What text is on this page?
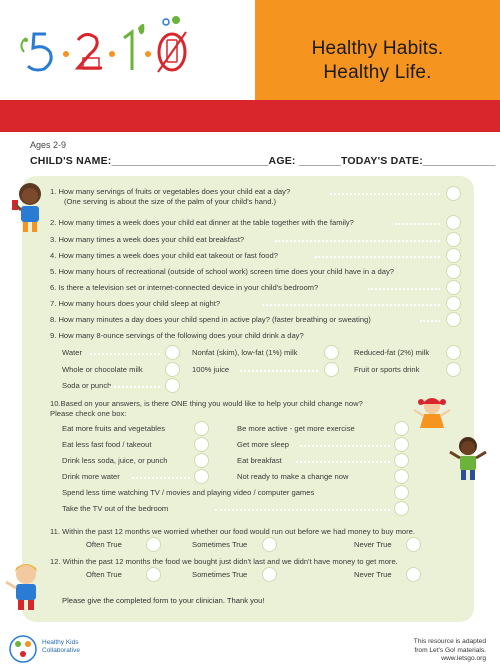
Healthy Habits.
Healthy Life.
Ages 2-9
CHILD'S NAME:__________________________AGE: _______TODAY'S DATE:____________
1. How many servings of fruits or vegetables does your child eat a day?
(One serving is about the size of the palm of your child's hand.)
2. How many times a week does your child eat dinner at the table together with the family?
3. How many times a week does your child eat breakfast?
4. How many times a week does your child eat takeout or fast food?
5. How many hours of recreational (outside of school work) screen time does your child have in a day?
6. Is there a television set or internet-connected device in your child's bedroom?
7. How many hours does your child sleep at night?
8. How many minutes a day does your child spend in active play? (faster breathing or sweating)
9. How many 8-ounce servings of the following does your child drink a day?
Water	Nonfat (skim), low-fat (1%) milk	Reduced-fat (2%) milk
Whole or chocolate milk	100% juice	Fruit or sports drink
Soda or punch
10.Based on your answers, is there ONE thing you would like to help your child change now?
Please check one box:
Eat more fruits and vegetables	Be more active - get more exercise
Eat less fast food / takeout	Get more sleep
Drink less soda, juice, or punch	Eat breakfast
Drink more water	Not ready to make a change now
Spend less time watching TV / movies and playing video / computer games
Take the TV out of the bedroom
11. Within the past 12 months we worried whether our food would run out before we had money to buy more.
Often True	Sometimes True	Never True
12. Within the past 12 months the food we bought just didn't last and we didn't have money to get more.
Often True	Sometimes True	Never True
Please give the completed form to your clinician. Thank you!
Healthy Kids
Collaborative
This resource is adapted
from Let's Go! materials.
www.letsgo.org
